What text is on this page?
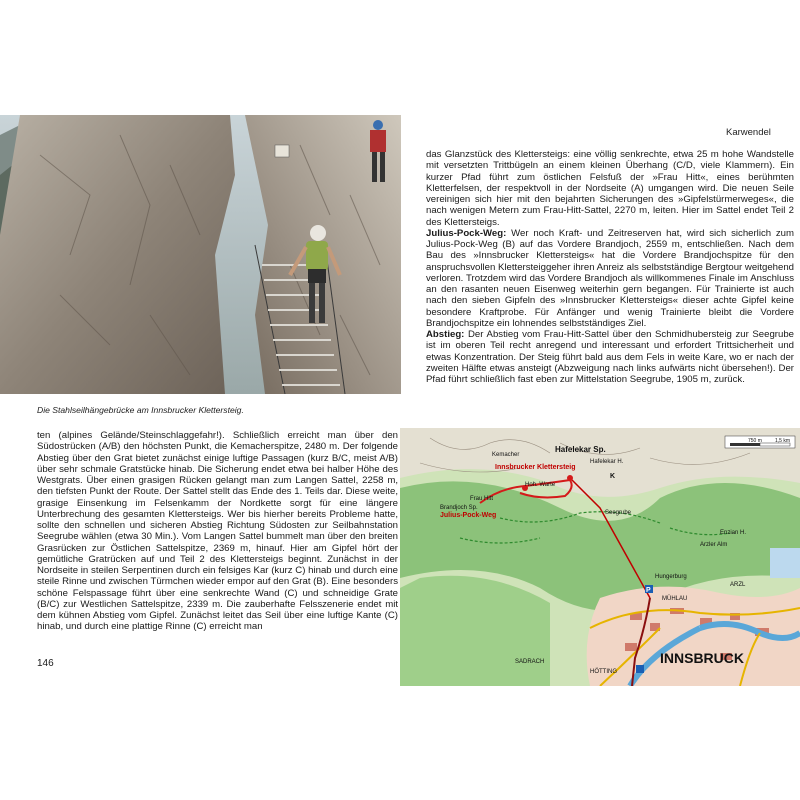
Karwendel
Die Stahlseilhängebrücke am Innsbrucker Klettersteig.

das Glanzstück des Klettersteigs: eine völlig senkrechte, etwa 25 m hohe Wandstelle mit versetzten Trittbügeln an einem kleinen Überhang (C/D, viele Klammern). Ein kurzer Pfad führt zum östlichen Felsfuß der »Frau Hitt«, eines berühmten Kletterfelsen, der respektvoll in der Nordseite (A) umgangen wird. Die neuen Seile vereinigen sich hier mit den bejahrten Sicherungen des »Gipfelstürmerweges«, die nach wenigen Metern zum Frau-Hitt-Sattel, 2270 m, leiten. Hier im Sattel endet Teil 2 des Klettersteigs.

Julius-Pock-Weg: Wer noch Kraft- und Zeitreserven hat, wird sich sicherlich zum Julius-Pock-Weg (B) auf das Vordere Brandjoch, 2559 m, entschließen. Nach dem Bau des »Innsbrucker Klettersteigs« hat die Vordere Brandjochspitze für den anspruchsvollen Klettersteiggeher ihren Anreiz als selbstständige Bergtour weitgehend verloren. Trotzdem wird das Vordere Brandjoch als willkommenes Finale im Anschluss an den rasanten neuen Eisenweg weiterhin gern begangen. Für Trainierte ist auch nach den sieben Gipfeln des »Innsbrucker Klettersteigs« dieser achte Gipfel keine besondere Kraftprobe. Für Anfänger und wenig Trainierte bleibt die Vordere Brandjochspitze ein lohnendes selbstständiges Ziel.

Abstieg: Der Abstieg vom Frau-Hitt-Sattel über den Schmidhubersteig zur Seegrube ist im oberen Teil recht anregend und interessant und erfordert Trittsicherheit und etwas Konzentration. Der Steig führt bald aus dem Fels in weite Kare, wo er nach der zweiten Hälfte etwas ansteigt (Abzweigung nach links aufwärts nicht übersehen!). Der Pfad führt schließlich fast eben zur Mittelstation Seegrube, 1905 m, zurück.

ten (alpines Gelände/Steinschlaggefahr!). Schließlich erreicht man über den Südostrücken (A/B) den höchsten Punkt, die Kemacherspitze, 2480 m. Der folgende Abstieg über den Grat bietet zunächst einige luftige Passagen (kurz B/C, meist A/B) über sehr schmale Gratstücke hinab. Die Sicherung endet etwa bei halber Höhe des Westgrats. Über einen grasigen Rücken gelangt man zum Langen Sattel, 2258 m, den tiefsten Punkt der Route. Der Sattel stellt das Ende des 1. Teils dar. Diese weite, grasige Einsenkung im Felsenkamm der Nordkette sorgt für eine längere Unterbrechung des gesamten Klettersteigs. Wer bis hierher bereits Probleme hatte, sollte den schnellen und sicheren Abstieg Richtung Südosten zur Seilbahnstation Seegrube wählen (etwa 30 Min.). Vom Langen Sattel bummelt man über den breiten Grasrücken zur Östlichen Sattelspitze, 2369 m, hinauf. Hier am Gipfel hört der gemütliche Gratrücken auf und Teil 2 des Klettersteigs beginnt. Zunächst in der Nordseite in steilen Serpentinen durch ein felsiges Kar (kurz C) hinab und durch eine steile Rinne und zwischen Türmchen wieder empor auf den Grat (B). Eine besonders schöne Felspassage führt über eine senkrechte Wand (C) und schneidige Grate (B/C) zur Westlichen Sattelspitze, 2339 m. Die zauberhafte Felsszenerie endet mit dem kühnen Abstieg vom Gipfel. Zunächst leitet das Seil über eine luftige Kante (C) hinab, und durch eine plattige Rinne (C) erreicht man

146
Hafelekar Sp.
Hafelekar H.
Kemacher
Innsbrucker Klettersteig
Hoh. Warte
Frau Hitt
Brandjoch Sp.
Julius-Pock-Weg	Seegrube
Arzler Alm
Enzian H.
Hungerburg
MÜHLAU
ARZL
HÖTTING
SADRACH	INNSBRUCK
K
P
750 m	1,5 km
